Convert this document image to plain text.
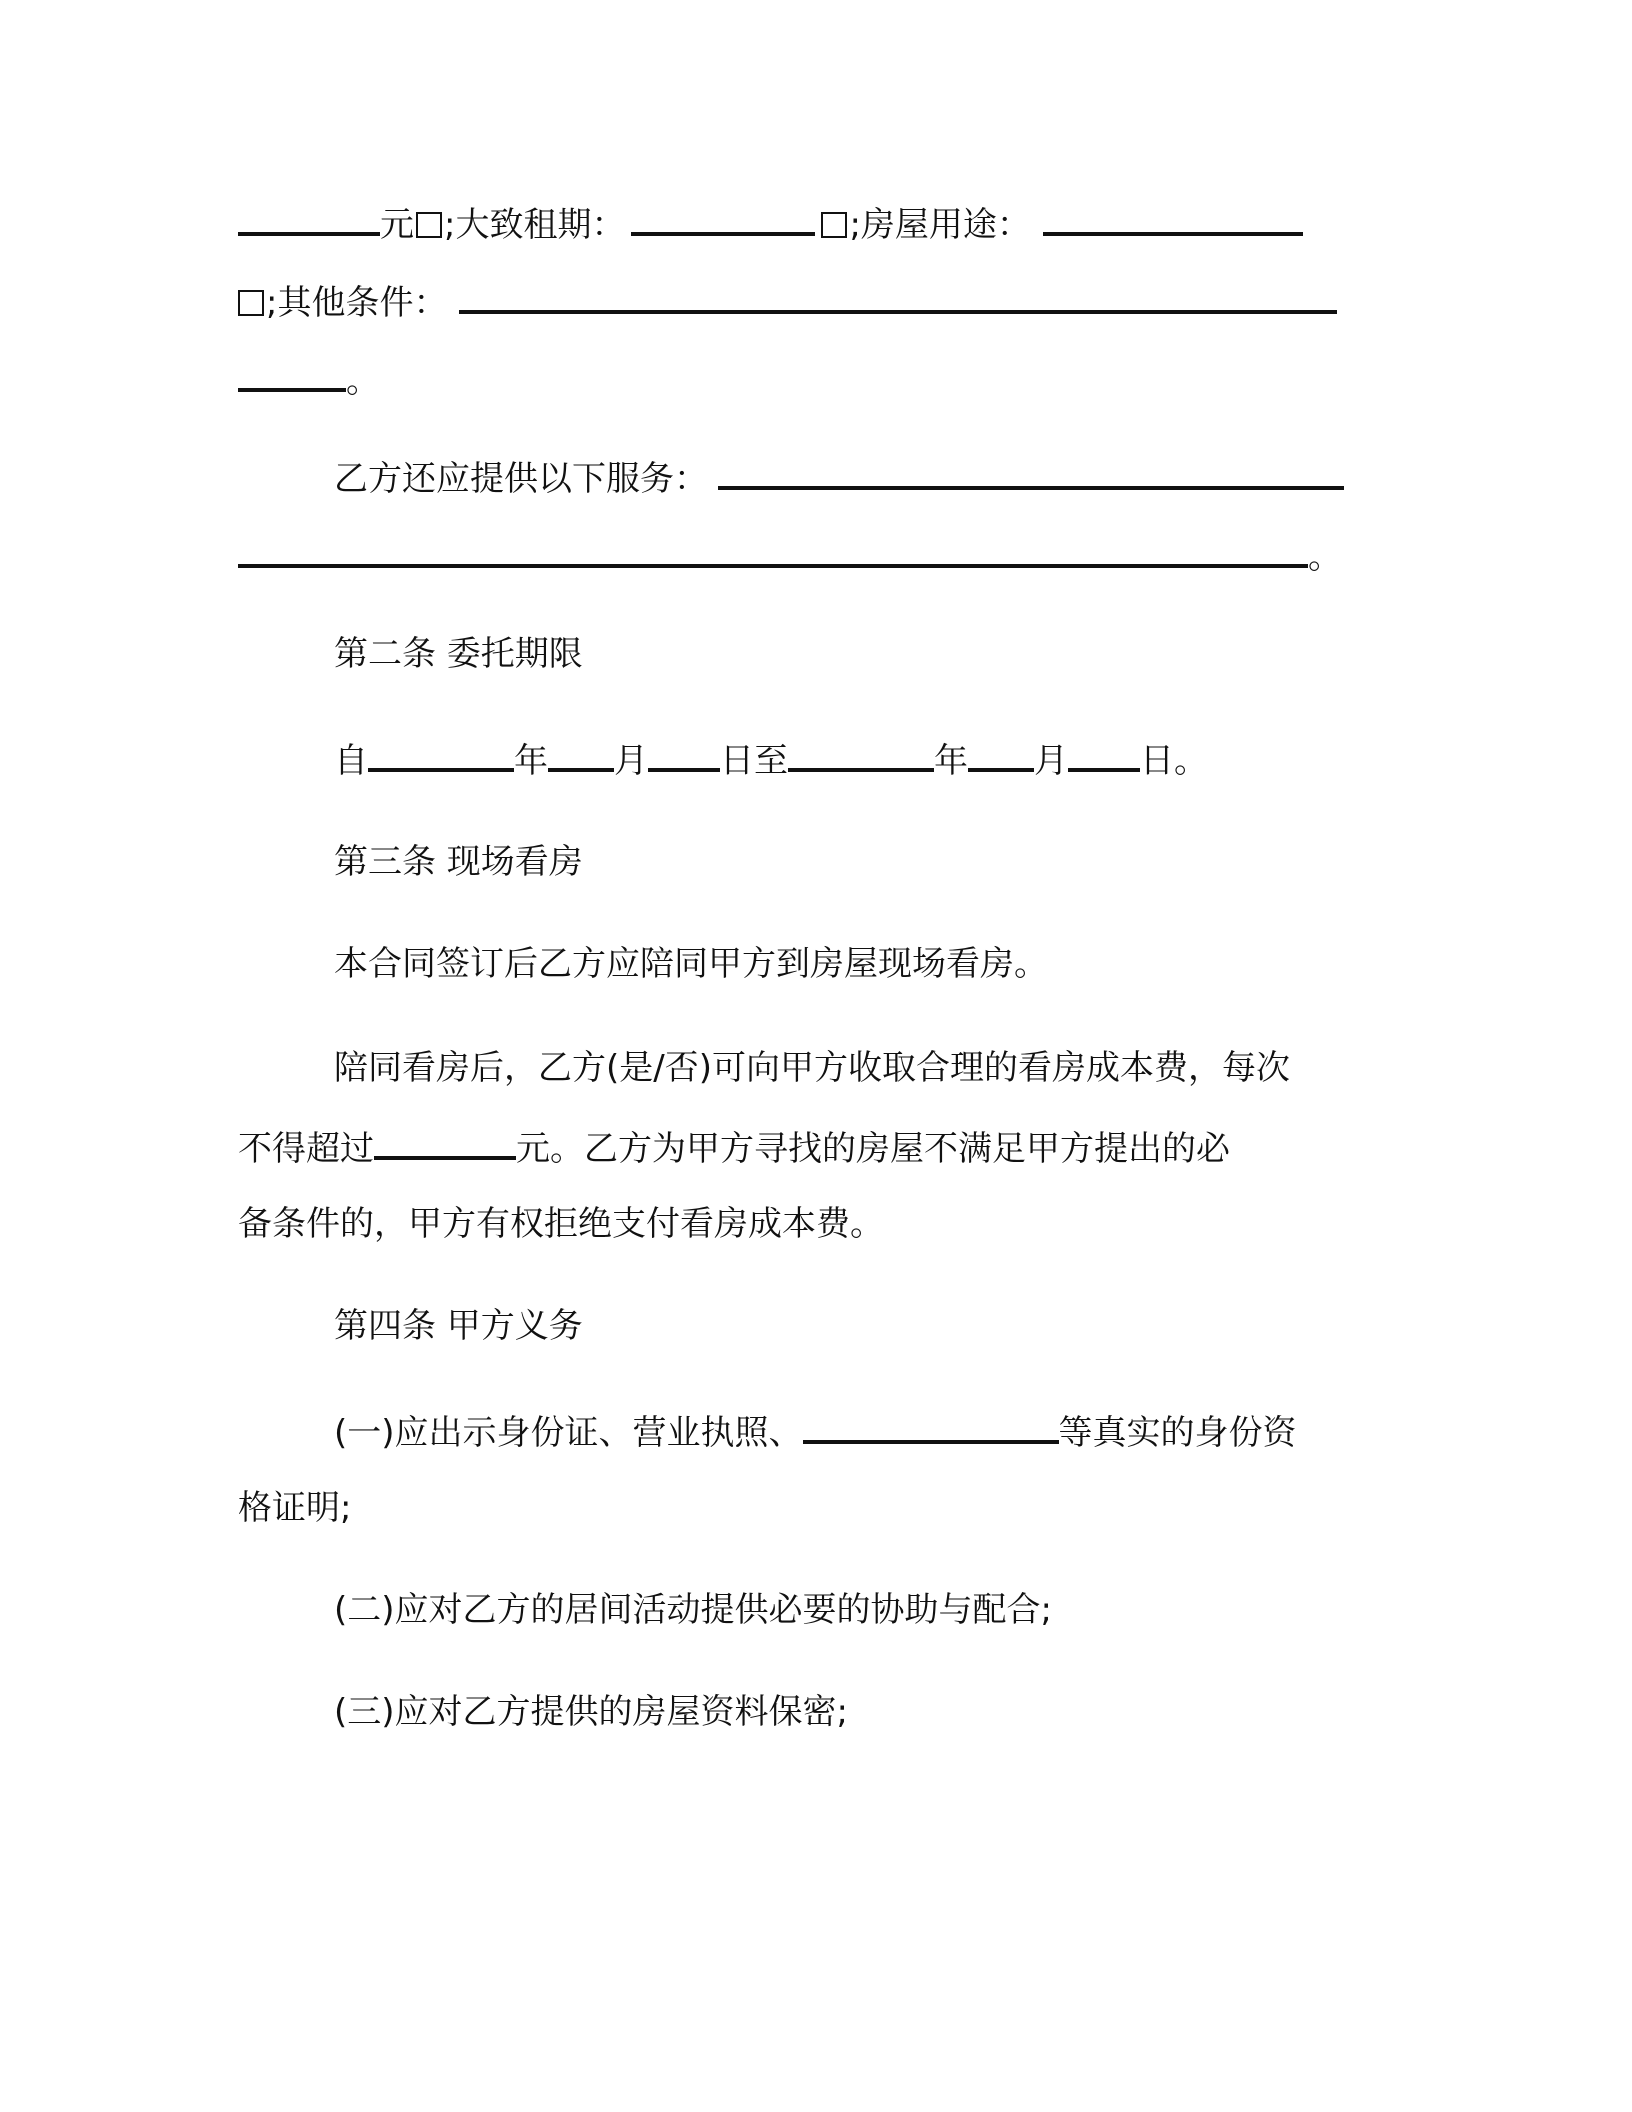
元 ;大致租期：	;房屋用途：
;其他条件：
。
乙方还应提供以下服务：
。
第二条 委托期限
自	年 月 日至	年 月 日。
第三条 现场看房
本合同签订后乙方应陪同甲方到房屋现场看房。
陪同看房后，乙方(是/否)可向甲方收取合理的看房成本费，每次
不得超过	元。乙方为甲方寻找的房屋不满足甲方提出的必
备条件的，甲方有权拒绝支付看房成本费。
第四条 甲方义务
(一)应出示身份证、营业执照、	等真实的身份资
格证明;
(二)应对乙方的居间活动提供必要的协助与配合;
(三)应对乙方提供的房屋资料保密;
